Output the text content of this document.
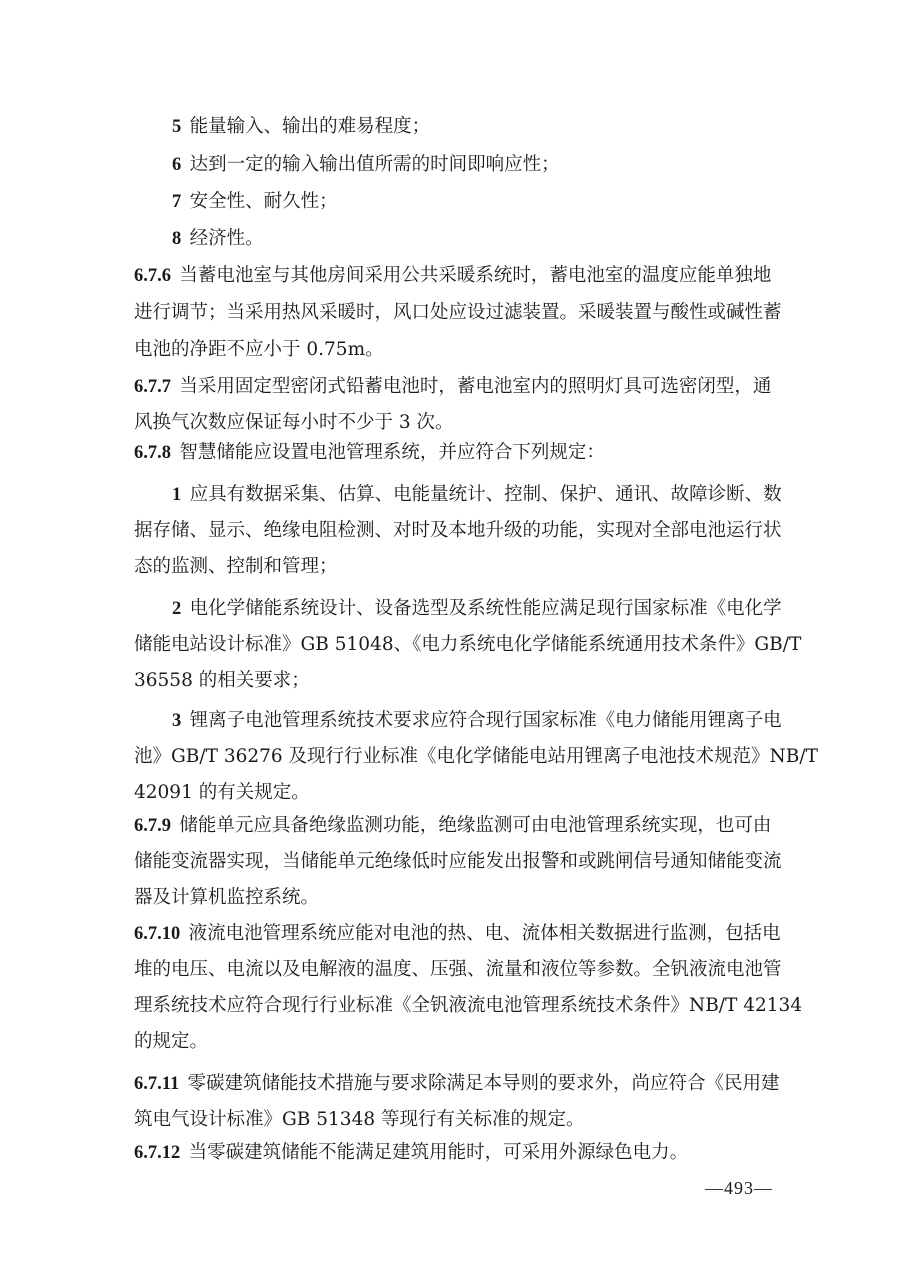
5 能量输入、输出的难易程度；
6 达到一定的输入输出值所需的时间即响应性；
7 安全性、耐久性；
8 经济性。
6.7.6 当蓄电池室与其他房间采用公共采暖系统时，蓄电池室的温度应能单独地
进行调节；当采用热风采暖时，风口处应设过滤装置。采暖装置与酸性或碱性蓄
电池的净距不应小于 0.75m。
6.7.7 当采用固定型密闭式铅蓄电池时，蓄电池室内的照明灯具可选密闭型，通
风换气次数应保证每小时不少于 3 次。
6.7.8 智慧储能应设置电池管理系统，并应符合下列规定：
1 应具有数据采集、估算、电能量统计、控制、保护、通讯、故障诊断、数
据存储、显示、绝缘电阻检测、对时及本地升级的功能，实现对全部电池运行状
态的监测、控制和管理；
2 电化学储能系统设计、设备选型及系统性能应满足现行国家标准《电化学
储能电站设计标准》GB 51048、《电力系统电化学储能系统通用技术条件》GB/T
36558 的相关要求；
3 锂离子电池管理系统技术要求应符合现行国家标准《电力储能用锂离子电
池》GB/T 36276 及现行行业标准《电化学储能电站用锂离子电池技术规范》NB/T
42091 的有关规定。
6.7.9 储能单元应具备绝缘监测功能，绝缘监测可由电池管理系统实现，也可由
储能变流器实现，当储能单元绝缘低时应能发出报警和或跳闸信号通知储能变流
器及计算机监控系统。
6.7.10 液流电池管理系统应能对电池的热、电、流体相关数据进行监测，包括电
堆的电压、电流以及电解液的温度、压强、流量和液位等参数。全钒液流电池管
理系统技术应符合现行行业标准《全钒液流电池管理系统技术条件》NB/T 42134
的规定。
6.7.11 零碳建筑储能技术措施与要求除满足本导则的要求外，尚应符合《民用建
筑电气设计标准》GB 51348 等现行有关标准的规定。
6.7.12 当零碳建筑储能不能满足建筑用能时，可采用外源绿色电力。
—493—
